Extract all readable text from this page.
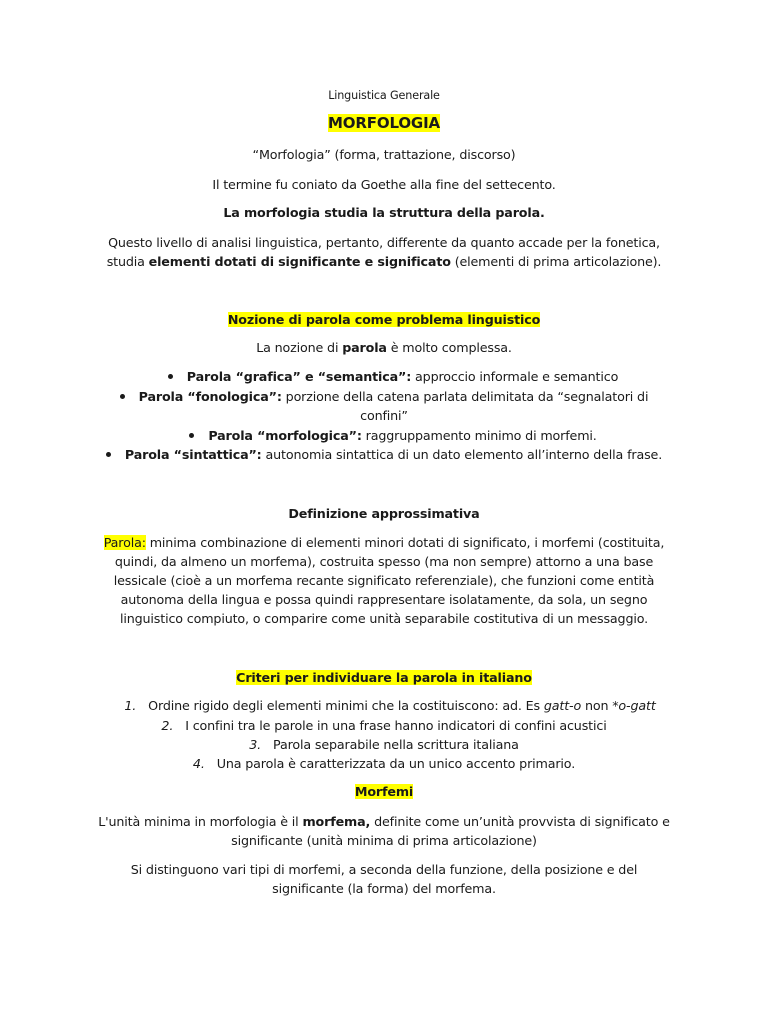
Linguistica Generale
MORFOLOGIA
“Morfologia” (forma, trattazione, discorso)
Il termine fu coniato da Goethe alla fine del settecento.
La morfologia studia la struttura della parola.
Questo livello di analisi linguistica, pertanto, differente da quanto accade per la fonetica,
studia elementi dotati di significante e significato (elementi di prima articolazione).
Nozione di parola come problema linguistico
La nozione di parola è molto complessa.
Parola “grafica” e “semantica”: approccio informale e semantico
Parola “fonologica”: porzione della catena parlata delimitata da “segnalatori di
confini”
Parola “morfologica”: raggruppamento minimo di morfemi.
Parola “sintattica”: autonomia sintattica di un dato elemento all’interno della frase.
Definizione approssimativa
Parola: minima combinazione di elementi minori dotati di significato, i morfemi (costituita,
quindi, da almeno un morfema), costruita spesso (ma non sempre) attorno a una base
lessicale (cioè a un morfema recante significato referenziale), che funzioni come entità
autonoma della lingua e possa quindi rappresentare isolatamente, da sola, un segno
linguistico compiuto, o comparire come unità separabile costitutiva di un messaggio.
Criteri per individuare la parola in italiano
1. Ordine rigido degli elementi minimi che la costituiscono: ad. Es gatt-o non *o-gatt
2. I confini tra le parole in una frase hanno indicatori di confini acustici
3. Parola separabile nella scrittura italiana
4. Una parola è caratterizzata da un unico accento primario.
Morfemi
L'unità minima in morfologia è il morfema, definite come un’unità provvista di significato e
significante (unità minima di prima articolazione)
Si distinguono vari tipi di morfemi, a seconda della funzione, della posizione e del
significante (la forma) del morfema.
